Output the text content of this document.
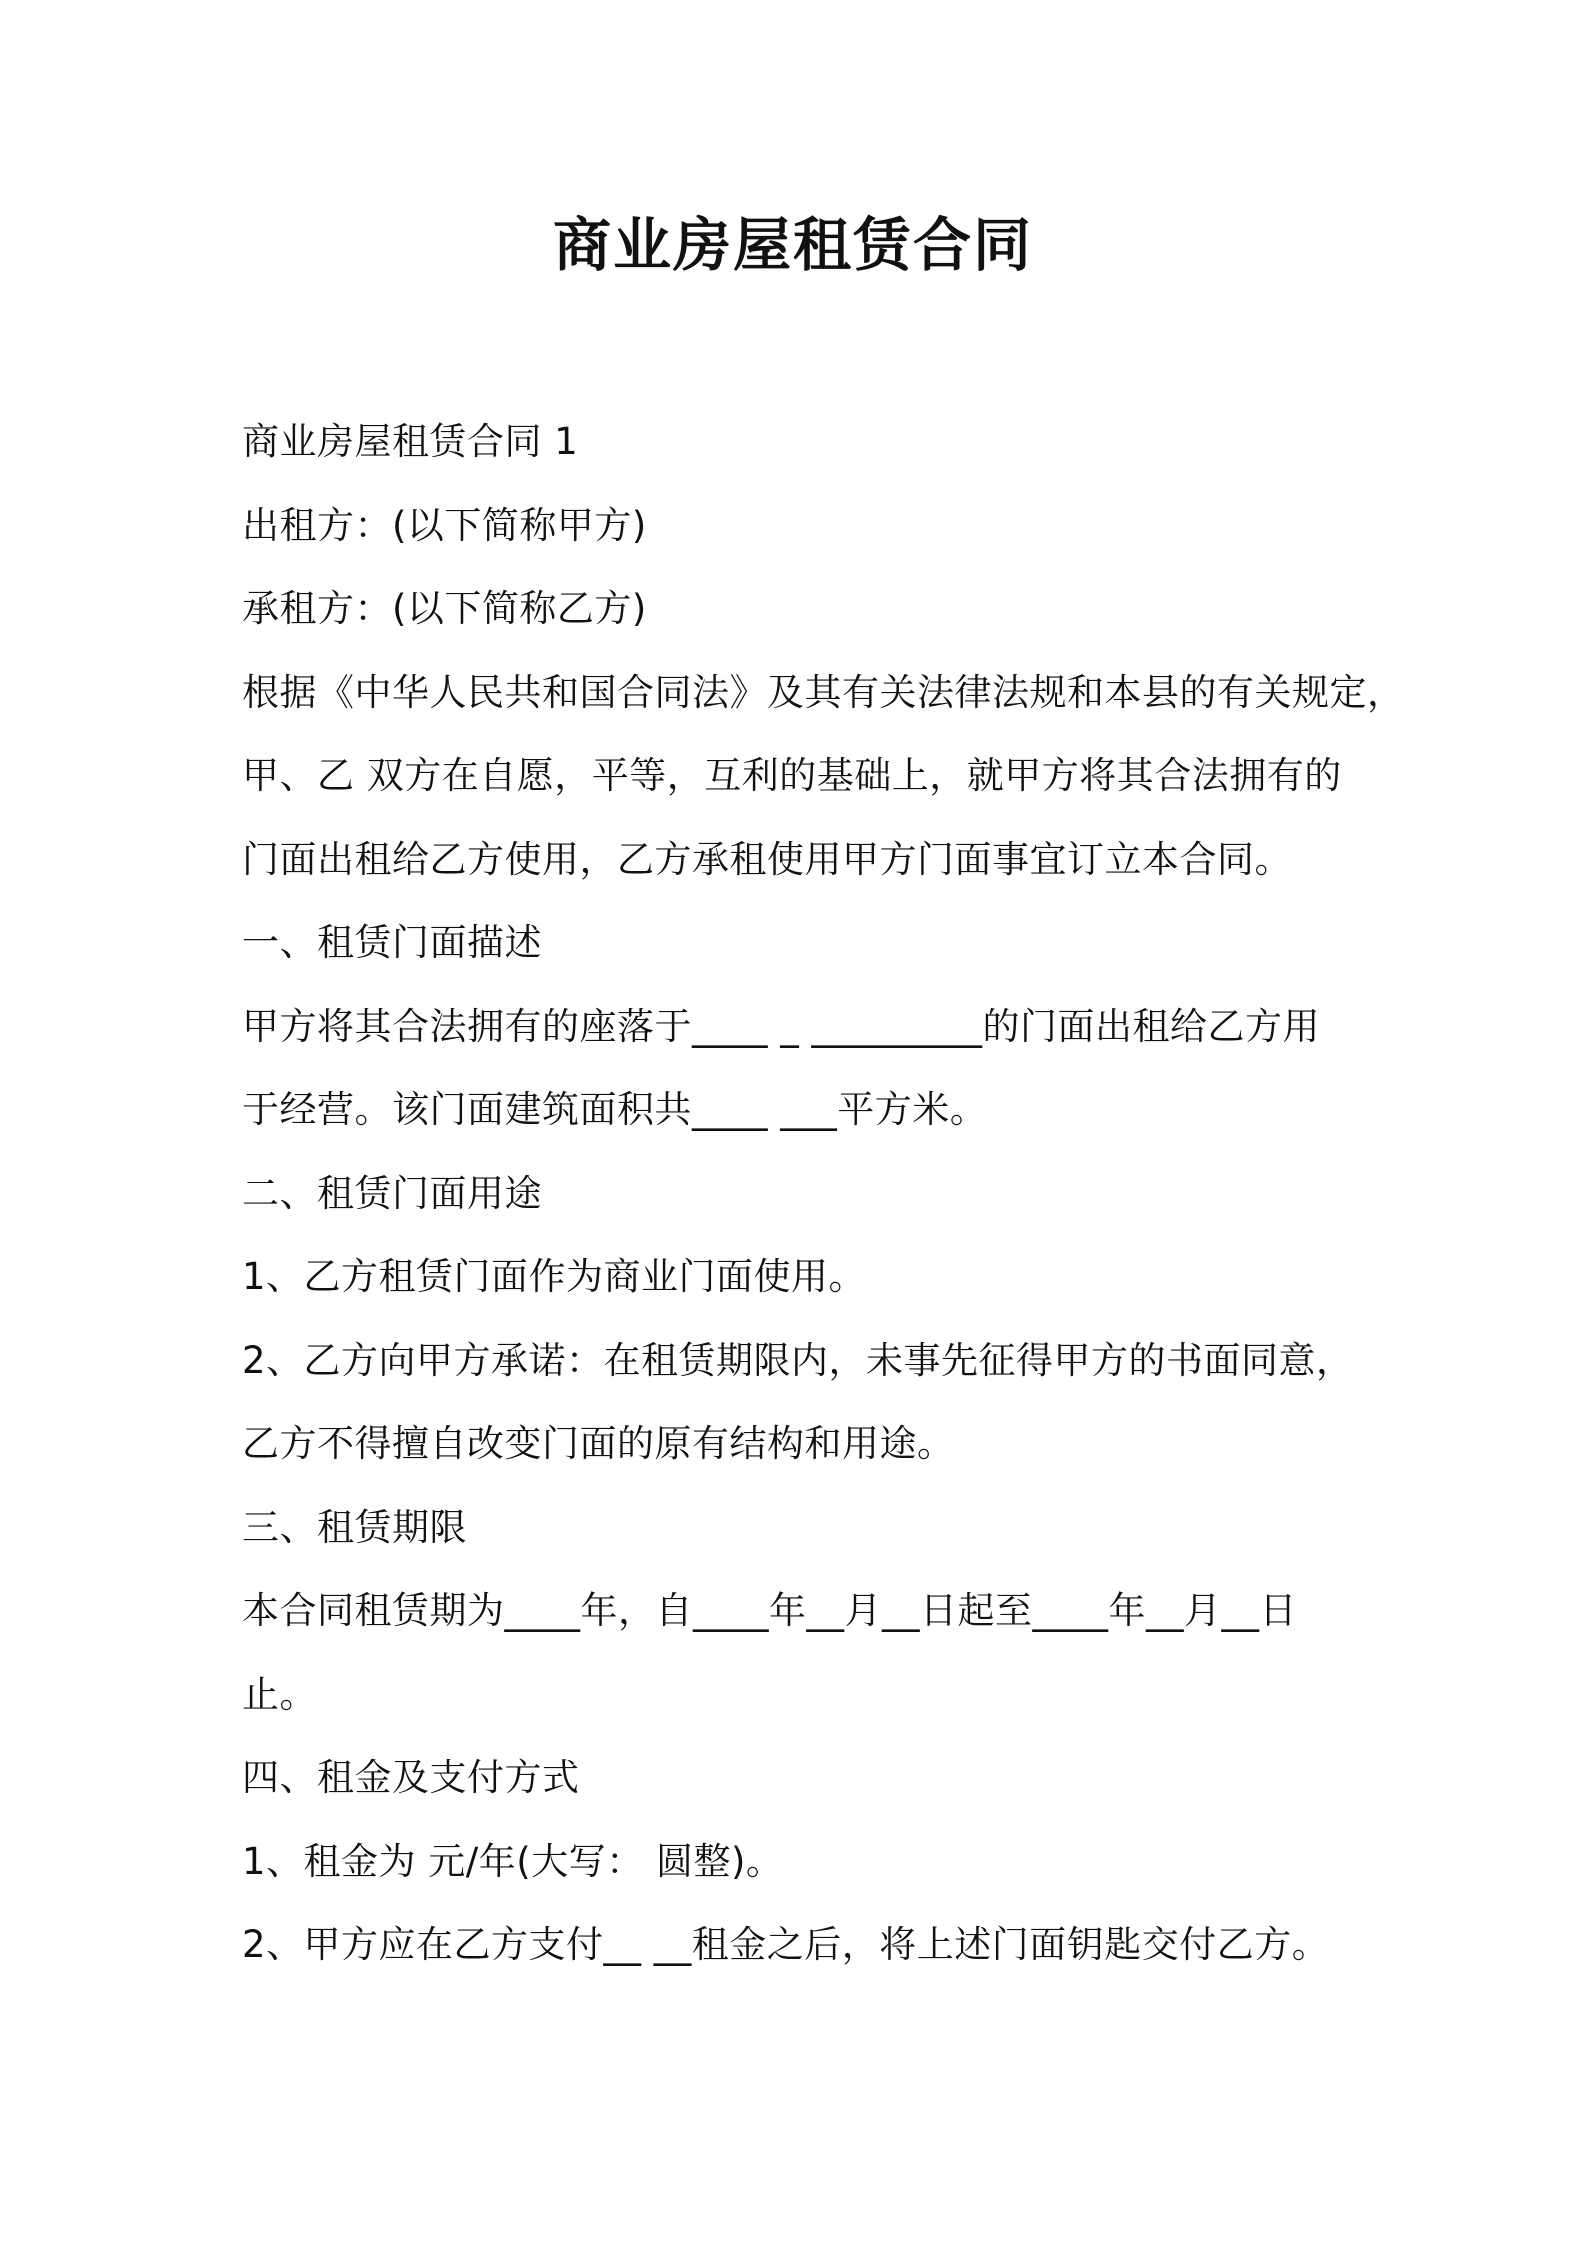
商业房屋租赁合同

商业房屋租赁合同 1

出租方：(以下简称甲方)

承租方：(以下简称乙方)

根据《中华人民共和国合同法》及其有关法律法规和本县的有关规定，

甲、乙 双方在自愿，平等，互利的基础上，就甲方将其合法拥有的

门面出租给乙方使用，乙方承租使用甲方门面事宜订立本合同。

一、租赁门面描述

甲方将其合法拥有的座落于____ _ _________的门面出租给乙方用

于经营。该门面建筑面积共____ ___平方米。

二、租赁门面用途

1、乙方租赁门面作为商业门面使用。

2、乙方向甲方承诺：在租赁期限内，未事先征得甲方的书面同意，

乙方不得擅自改变门面的原有结构和用途。

三、租赁期限

本合同租赁期为____年，自____年__月__日起至____年__月__日

止。

四、租金及支付方式

1、租金为 元/年(大写： 圆整)。

2、甲方应在乙方支付__ __租金之后，将上述门面钥匙交付乙方。
